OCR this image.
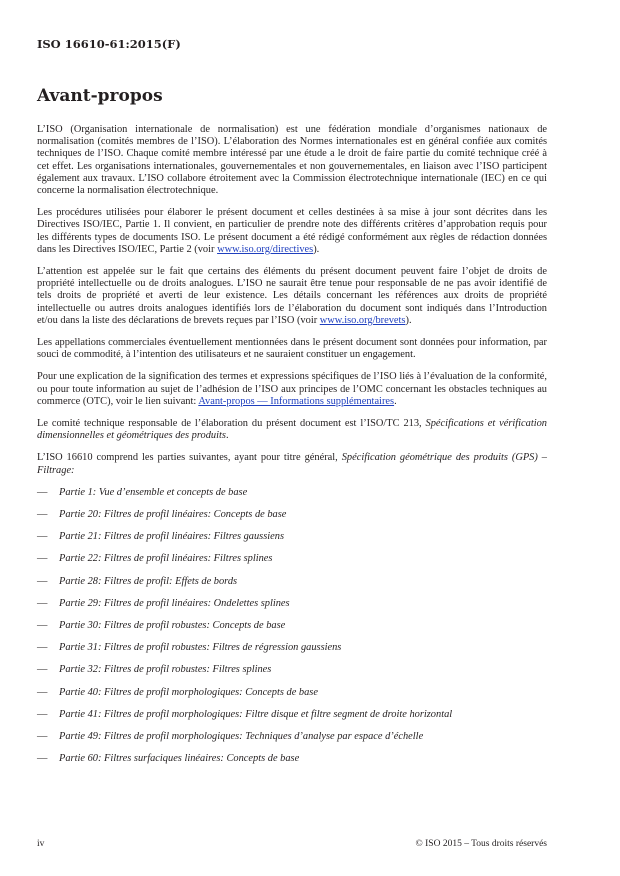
ISO 16610-61:2015(F)
Avant-propos

L’ISO (Organisation internationale de normalisation) est une fédération mondiale d’organismes nationaux de normalisation (comités membres de l’ISO). L’élaboration des Normes internationales est en général confiée aux comités techniques de l’ISO. Chaque comité membre intéressé par une étude a le droit de faire partie du comité technique créé à cet effet. Les organisations internationales, gouvernementales et non gouvernementales, en liaison avec l’ISO participent également aux travaux. L’ISO collabore étroitement avec la Commission électrotechnique internationale (IEC) en ce qui concerne la normalisation électrotechnique.

Les procédures utilisées pour élaborer le présent document et celles destinées à sa mise à jour sont décrites dans les Directives ISO/IEC, Partie 1. Il convient, en particulier de prendre note des différents critères d’approbation requis pour les différents types de documents ISO. Le présent document a été rédigé conformément aux règles de rédaction données dans les Directives ISO/IEC, Partie 2 (voir www.iso.org/directives).

L’attention est appelée sur le fait que certains des éléments du présent document peuvent faire l’objet de droits de propriété intellectuelle ou de droits analogues. L’ISO ne saurait être tenue pour responsable de ne pas avoir identifié de tels droits de propriété et averti de leur existence. Les détails concernant les références aux droits de propriété intellectuelle ou autres droits analogues identifiés lors de l’élaboration du document sont indiqués dans l’Introduction et/ou dans la liste des déclarations de brevets reçues par l’ISO (voir www.iso.org/brevets).

Les appellations commerciales éventuellement mentionnées dans le présent document sont données pour information, par souci de commodité, à l’intention des utilisateurs et ne sauraient constituer un engagement.

Pour une explication de la signification des termes et expressions spécifiques de l’ISO liés à l’évaluation de la conformité, ou pour toute information au sujet de l’adhésion de l’ISO aux principes de l’OMC concernant les obstacles techniques au commerce (OTC), voir le lien suivant: Avant-propos — Informations supplémentaires.

Le comité technique responsable de l’élaboration du présent document est l’ISO/TC 213, Spécifications et vérification dimensionnelles et géométriques des produits.

L’ISO 16610 comprend les parties suivantes, ayant pour titre général, Spécification géométrique des produits (GPS) – Filtrage:

— Partie 1: Vue d’ensemble et concepts de base
— Partie 20: Filtres de profil linéaires: Concepts de base
— Partie 21: Filtres de profil linéaires: Filtres gaussiens
— Partie 22: Filtres de profil linéaires: Filtres splines
— Partie 28: Filtres de profil: Effets de bords
— Partie 29: Filtres de profil linéaires: Ondelettes splines
— Partie 30: Filtres de profil robustes: Concepts de base
— Partie 31: Filtres de profil robustes: Filtres de régression gaussiens
— Partie 32: Filtres de profil robustes: Filtres splines
— Partie 40: Filtres de profil morphologiques: Concepts de base
— Partie 41: Filtres de profil morphologiques: Filtre disque et filtre segment de droite horizontal
— Partie 49: Filtres de profil morphologiques: Techniques d’analyse par espace d’échelle
— Partie 60: Filtres surfaciques linéaires: Concepts de base
iv	© ISO 2015 – Tous droits réservés
